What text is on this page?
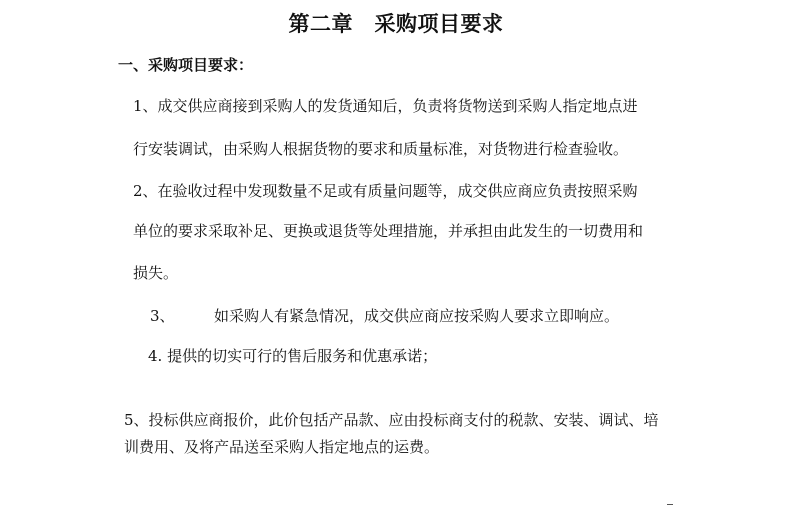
第二章　采购项目要求
一、采购项目要求：
1、成交供应商接到采购人的发货通知后，负责将货物送到采购人指定地点进
行安装调试，由采购人根据货物的要求和质量标准，对货物进行检查验收。
2、在验收过程中发现数量不足或有质量问题等，成交供应商应负责按照采购
单位的要求采取补足、更换或退货等处理措施，并承担由此发生的一切费用和
损失。
3、	如采购人有紧急情况，成交供应商应按采购人要求立即响应。
4. 提供的切实可行的售后服务和优惠承诺；
5、投标供应商报价，此价包括产品款、应由投标商支付的税款、安装、调试、培
训费用、及将产品送至采购人指定地点的运费。
